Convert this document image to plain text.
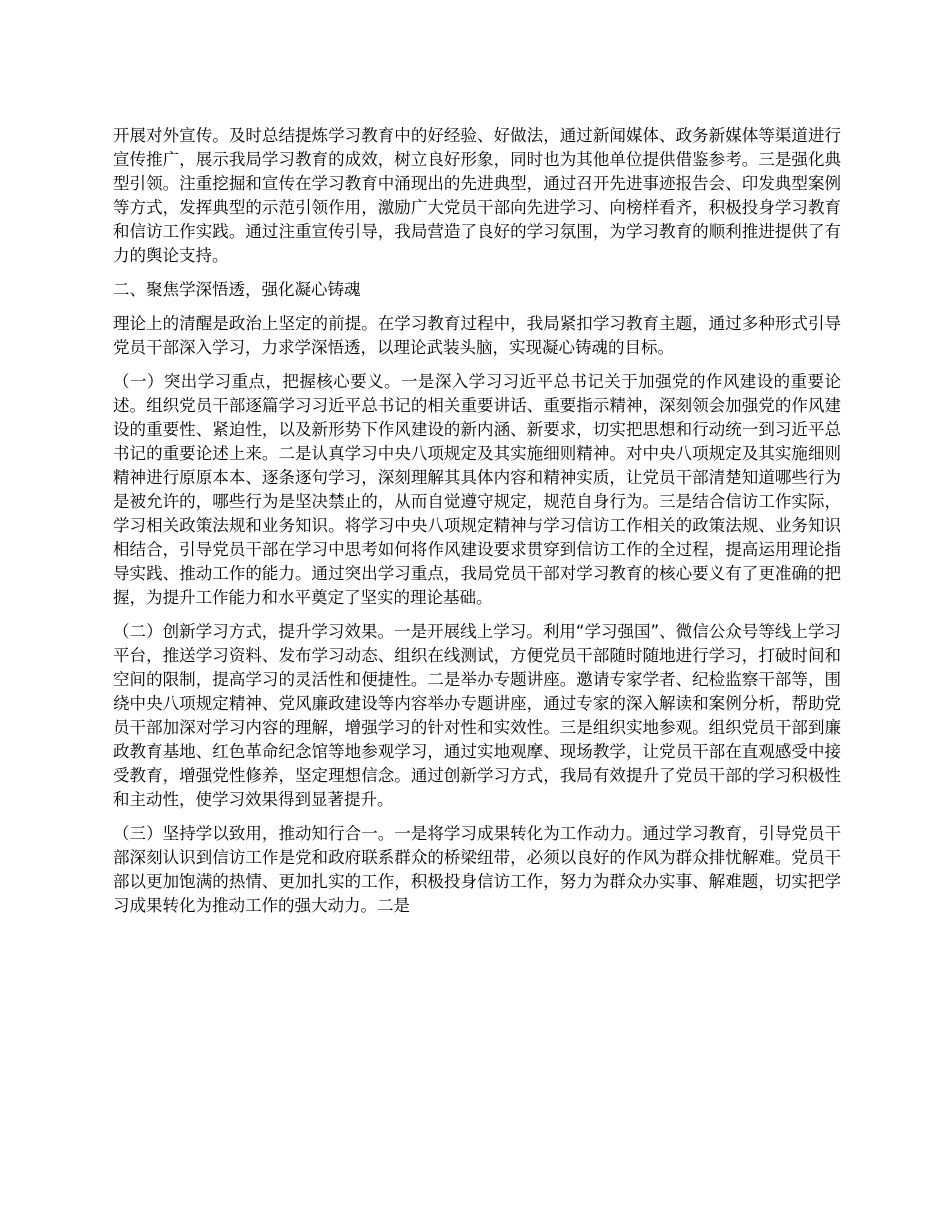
开展对外宣传。及时总结提炼学习教育中的好经验、好做法，通过新闻媒体、政务新媒体等渠道进行宣传推广，展示我局学习教育的成效，树立良好形象，同时也为其他单位提供借鉴参考。三是强化典型引领。注重挖掘和宣传在学习教育中涌现出的先进典型，通过召开先进事迹报告会、印发典型案例等方式，发挥典型的示范引领作用，激励广大党员干部向先进学习、向榜样看齐，积极投身学习教育和信访工作实践。通过注重宣传引导，我局营造了良好的学习氛围，为学习教育的顺利推进提供了有力的舆论支持。

二、聚焦学深悟透，强化凝心铸魂

理论上的清醒是政治上坚定的前提。在学习教育过程中，我局紧扣学习教育主题，通过多种形式引导党员干部深入学习，力求学深悟透，以理论武装头脑，实现凝心铸魂的目标。

（一）突出学习重点，把握核心要义。一是深入学习习近平总书记关于加强党的作风建设的重要论述。组织党员干部逐篇学习习近平总书记的相关重要讲话、重要指示精神，深刻领会加强党的作风建设的重要性、紧迫性，以及新形势下作风建设的新内涵、新要求，切实把思想和行动统一到习近平总书记的重要论述上来。二是认真学习中央八项规定及其实施细则精神。对中央八项规定及其实施细则精神进行原原本本、逐条逐句学习，深刻理解其具体内容和精神实质，让党员干部清楚知道哪些行为是被允许的，哪些行为是坚决禁止的，从而自觉遵守规定，规范自身行为。三是结合信访工作实际，学习相关政策法规和业务知识。将学习中央八项规定精神与学习信访工作相关的政策法规、业务知识相结合，引导党员干部在学习中思考如何将作风建设要求贯穿到信访工作的全过程，提高运用理论指导实践、推动工作的能力。通过突出学习重点，我局党员干部对学习教育的核心要义有了更准确的把握，为提升工作能力和水平奠定了坚实的理论基础。

（二）创新学习方式，提升学习效果。一是开展线上学习。利用“学习强国”、微信公众号等线上学习平台，推送学习资料、发布学习动态、组织在线测试，方便党员干部随时随地进行学习，打破时间和空间的限制，提高学习的灵活性和便捷性。二是举办专题讲座。邀请专家学者、纪检监察干部等，围绕中央八项规定精神、党风廉政建设等内容举办专题讲座，通过专家的深入解读和案例分析，帮助党员干部加深对学习内容的理解，增强学习的针对性和实效性。三是组织实地参观。组织党员干部到廉政教育基地、红色革命纪念馆等地参观学习，通过实地观摩、现场教学，让党员干部在直观感受中接受教育，增强党性修养，坚定理想信念。通过创新学习方式，我局有效提升了党员干部的学习积极性和主动性，使学习效果得到显著提升。

（三）坚持学以致用，推动知行合一。一是将学习成果转化为工作动力。通过学习教育，引导党员干部深刻认识到信访工作是党和政府联系群众的桥梁纽带，必须以良好的作风为群众排忧解难。党员干部以更加饱满的热情、更加扎实的工作，积极投身信访工作，努力为群众办实事、解难题，切实把学习成果转化为推动工作的强大动力。二是
